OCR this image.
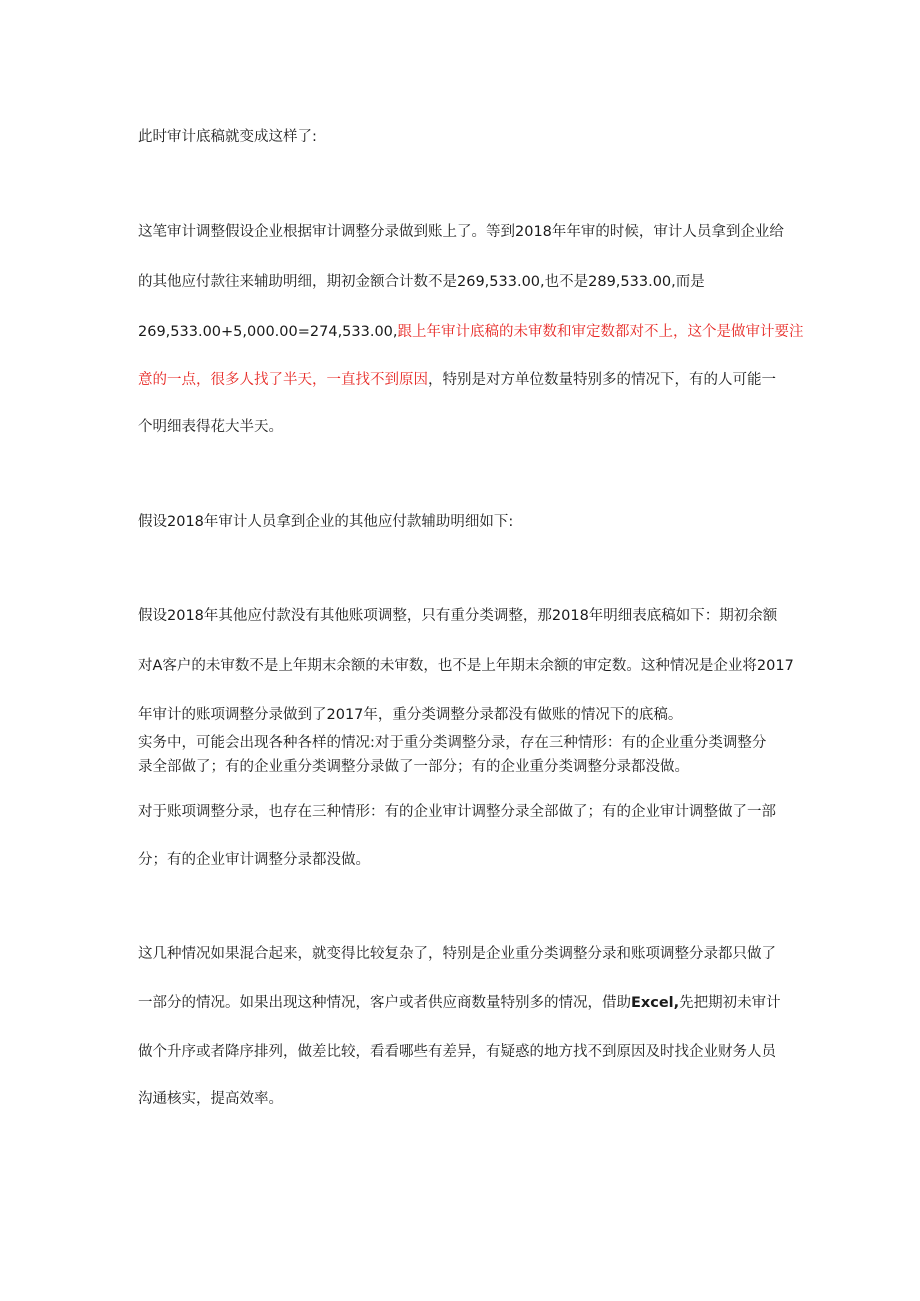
此时审计底稿就变成这样了:
这笔审计调整假设企业根据审计调整分录做到账上了。等到2018年年审的时候，审计人员拿到企业给
的其他应付款往来辅助明细，期初金额合计数不是269,533.00,也不是289,533.00,而是
269,533.00+5,000.00=274,533.00,跟上年审计底稿的未审数和审定数都对不上，这个是做审计要注
意的一点，很多人找了半天，一直找不到原因，特别是对方单位数量特别多的情况下，有的人可能一
个明细表得花大半天。
假设2018年审计人员拿到企业的其他应付款辅助明细如下:
假设2018年其他应付款没有其他账项调整，只有重分类调整，那2018年明细表底稿如下：期初余额
对A客户的未审数不是上年期末余额的未审数，也不是上年期末余额的审定数。这种情况是企业将2017
年审计的账项调整分录做到了2017年，重分类调整分录都没有做账的情况下的底稿。
实务中，可能会出现各种各样的情况:对于重分类调整分录，存在三种情形：有的企业重分类调整分
录全部做了；有的企业重分类调整分录做了一部分；有的企业重分类调整分录都没做。
对于账项调整分录，也存在三种情形：有的企业审计调整分录全部做了；有的企业审计调整做了一部
分；有的企业审计调整分录都没做。
这几种情况如果混合起来，就变得比较复杂了，特别是企业重分类调整分录和账项调整分录都只做了
一部分的情况。如果出现这种情况，客户或者供应商数量特别多的情况，借助Excel,先把期初未审计
做个升序或者降序排列，做差比较，看看哪些有差异，有疑惑的地方找不到原因及时找企业财务人员
沟通核实，提高效率。
